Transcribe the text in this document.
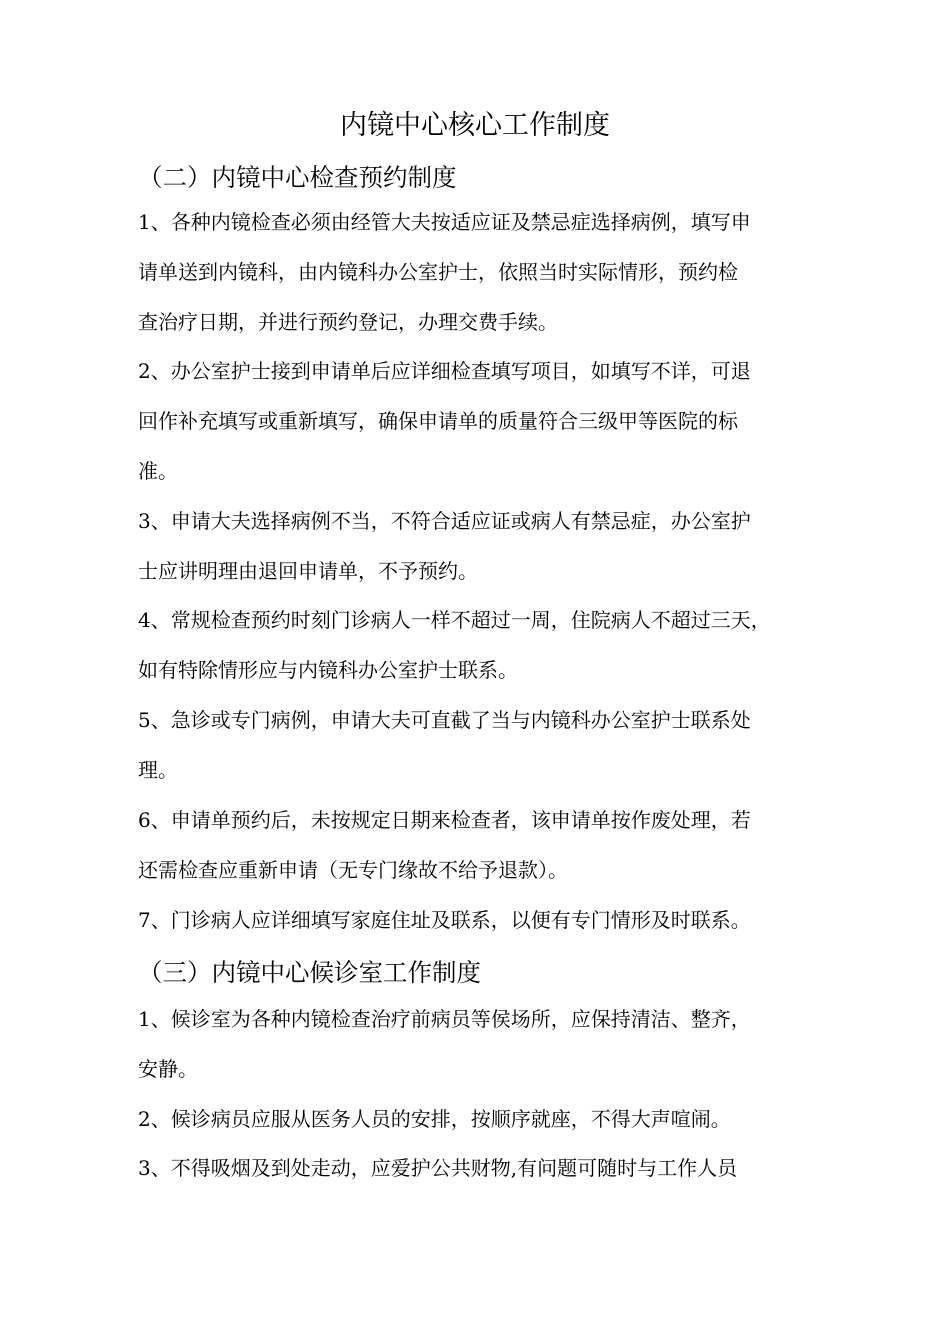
内镜中心核心工作制度
（二）内镜中心检查预约制度
1、各种内镜检查必须由经管大夫按适应证及禁忌症选择病例，填写申
请单送到内镜科，由内镜科办公室护士，依照当时实际情形，预约检
查治疗日期，并进行预约登记，办理交费手续。
2、办公室护士接到申请单后应详细检查填写项目，如填写不详，可退
回作补充填写或重新填写，确保申请单的质量符合三级甲等医院的标
准。
3、申请大夫选择病例不当，不符合适应证或病人有禁忌症，办公室护
士应讲明理由退回申请单，不予预约。
4、常规检查预约时刻门诊病人一样不超过一周，住院病人不超过三天，
如有特除情形应与内镜科办公室护士联系。
5、急诊或专门病例，申请大夫可直截了当与内镜科办公室护士联系处
理。
6、申请单预约后，未按规定日期来检查者，该申请单按作废处理，若
还需检查应重新申请（无专门缘故不给予退款）。
7、门诊病人应详细填写家庭住址及联系，以便有专门情形及时联系。
（三）内镜中心候诊室工作制度
1、候诊室为各种内镜检查治疗前病员等侯场所，应保持清洁、整齐，
安静。
2、候诊病员应服从医务人员的安排，按顺序就座，不得大声喧闹。
3、不得吸烟及到处走动，应爱护公共财物,有问题可随时与工作人员
